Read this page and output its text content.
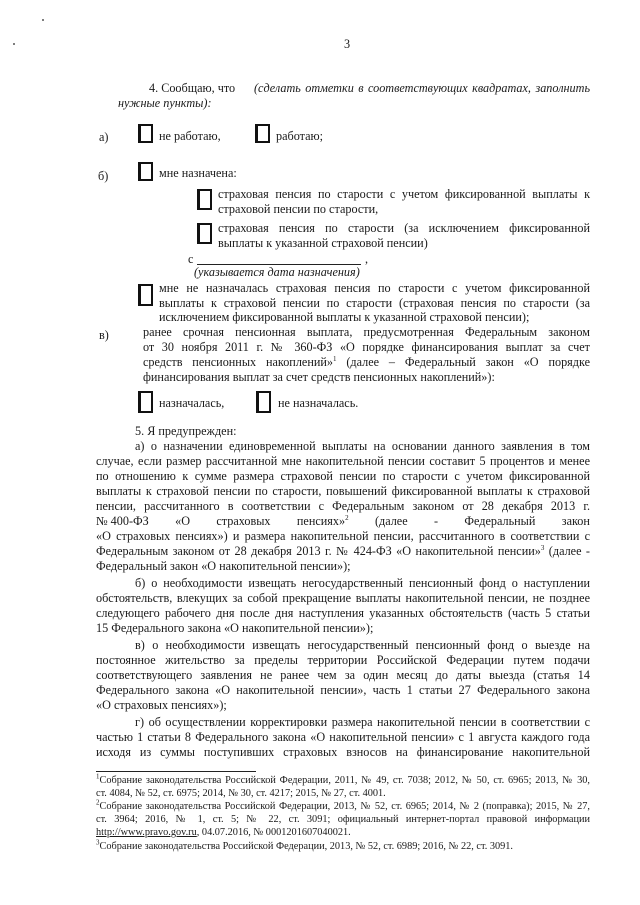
3
4. Сообщаю, что (сделать отметки в соответствующих квадратах, заполнить
нужные пункты):
а)	не работаю,	работаю;
б)	мне назначена:
страховая пенсия по старости с учетом фиксированной выплаты к
страховой пенсии по старости,
страховая пенсия по старости (за исключением фиксированной
выплаты к указанной страховой пенсии)
с	,
(указывается дата назначения)
мне не назначалась страховая пенсия по старости с учетом фиксированной
выплаты к страховой пенсии по старости (страховая пенсия по старости (за
исключением фиксированной выплаты к указанной страховой пенсии);
в)	ранее срочная пенсионная выплата, предусмотренная Федеральным законом
от 30 ноября 2011 г. № 360-ФЗ «О порядке финансирования выплат за счет
средств пенсионных накоплений»$^1$ (далее – Федеральный закон «О порядке
финансирования выплат за счет средств пенсионных накоплений»):
назначалась,	не назначалась.
5. Я предупрежден:
а) о назначении единовременной выплаты на основании данного заявления в том
случае, если размер рассчитанной мне накопительной пенсии составит 5 процентов и менее
по отношению к сумме размера страховой пенсии по старости с учетом фиксированной
выплаты к страховой пенсии по старости, повышений фиксированной выплаты к страховой
пенсии, рассчитанного в соответствии с Федеральным законом от 28 декабря 2013 г.
№ 400-ФЗ «О страховых пенсиях»$^2$ (далее - Федеральный закон
«О страховых пенсиях») и размера накопительной пенсии, рассчитанного в соответствии с
Федеральным законом от 28 декабря 2013 г. № 424-ФЗ «О накопительной пенсии»$^3$ (далее -
Федеральный закон «О накопительной пенсии»);
б) о необходимости извещать негосударственный пенсионный фонд о наступлении
обстоятельств, влекущих за собой прекращение выплаты накопительной пенсии, не позднее
следующего рабочего дня после дня наступления указанных обстоятельств (часть 5 статьи
15 Федерального закона «О накопительной пенсии»);
в) о необходимости извещать негосударственный пенсионный фонд о выезде на
постоянное жительство за пределы территории Российской Федерации путем подачи
соответствующего заявления не ранее чем за один месяц до даты выезда (статья 14
Федерального закона «О накопительной пенсии», часть 1 статьи 27 Федерального закона
«О страховых пенсиях»);
г) об осуществлении корректировки размера накопительной пенсии в соответствии с
частью 1 статьи 8 Федерального закона «О накопительной пенсии» с 1 августа каждого года
исходя из суммы поступивших страховых взносов на финансирование накопительной
$^1$Собрание законодательства Российской Федерации, 2011, № 49, ст. 7038; 2012, № 50, ст. 6965; 2013, № 30,
ст. 4084, № 52, ст. 6975; 2014, № 30, ст. 4217; 2015, № 27, ст. 4001.
$^2$Собрание законодательства Российской Федерации, 2013, № 52, ст. 6965; 2014, № 2 (поправка); 2015, № 27,
ст. 3964; 2016, № 1, ст. 5; № 22, ст. 3091; официальный интернет-портал правовой информации
http://www.pravo.gov.ru, 04.07.2016, № 0001201607040021.
$^3$Собрание законодательства Российской Федерации, 2013, № 52, ст. 6989; 2016, № 22, ст. 3091.
